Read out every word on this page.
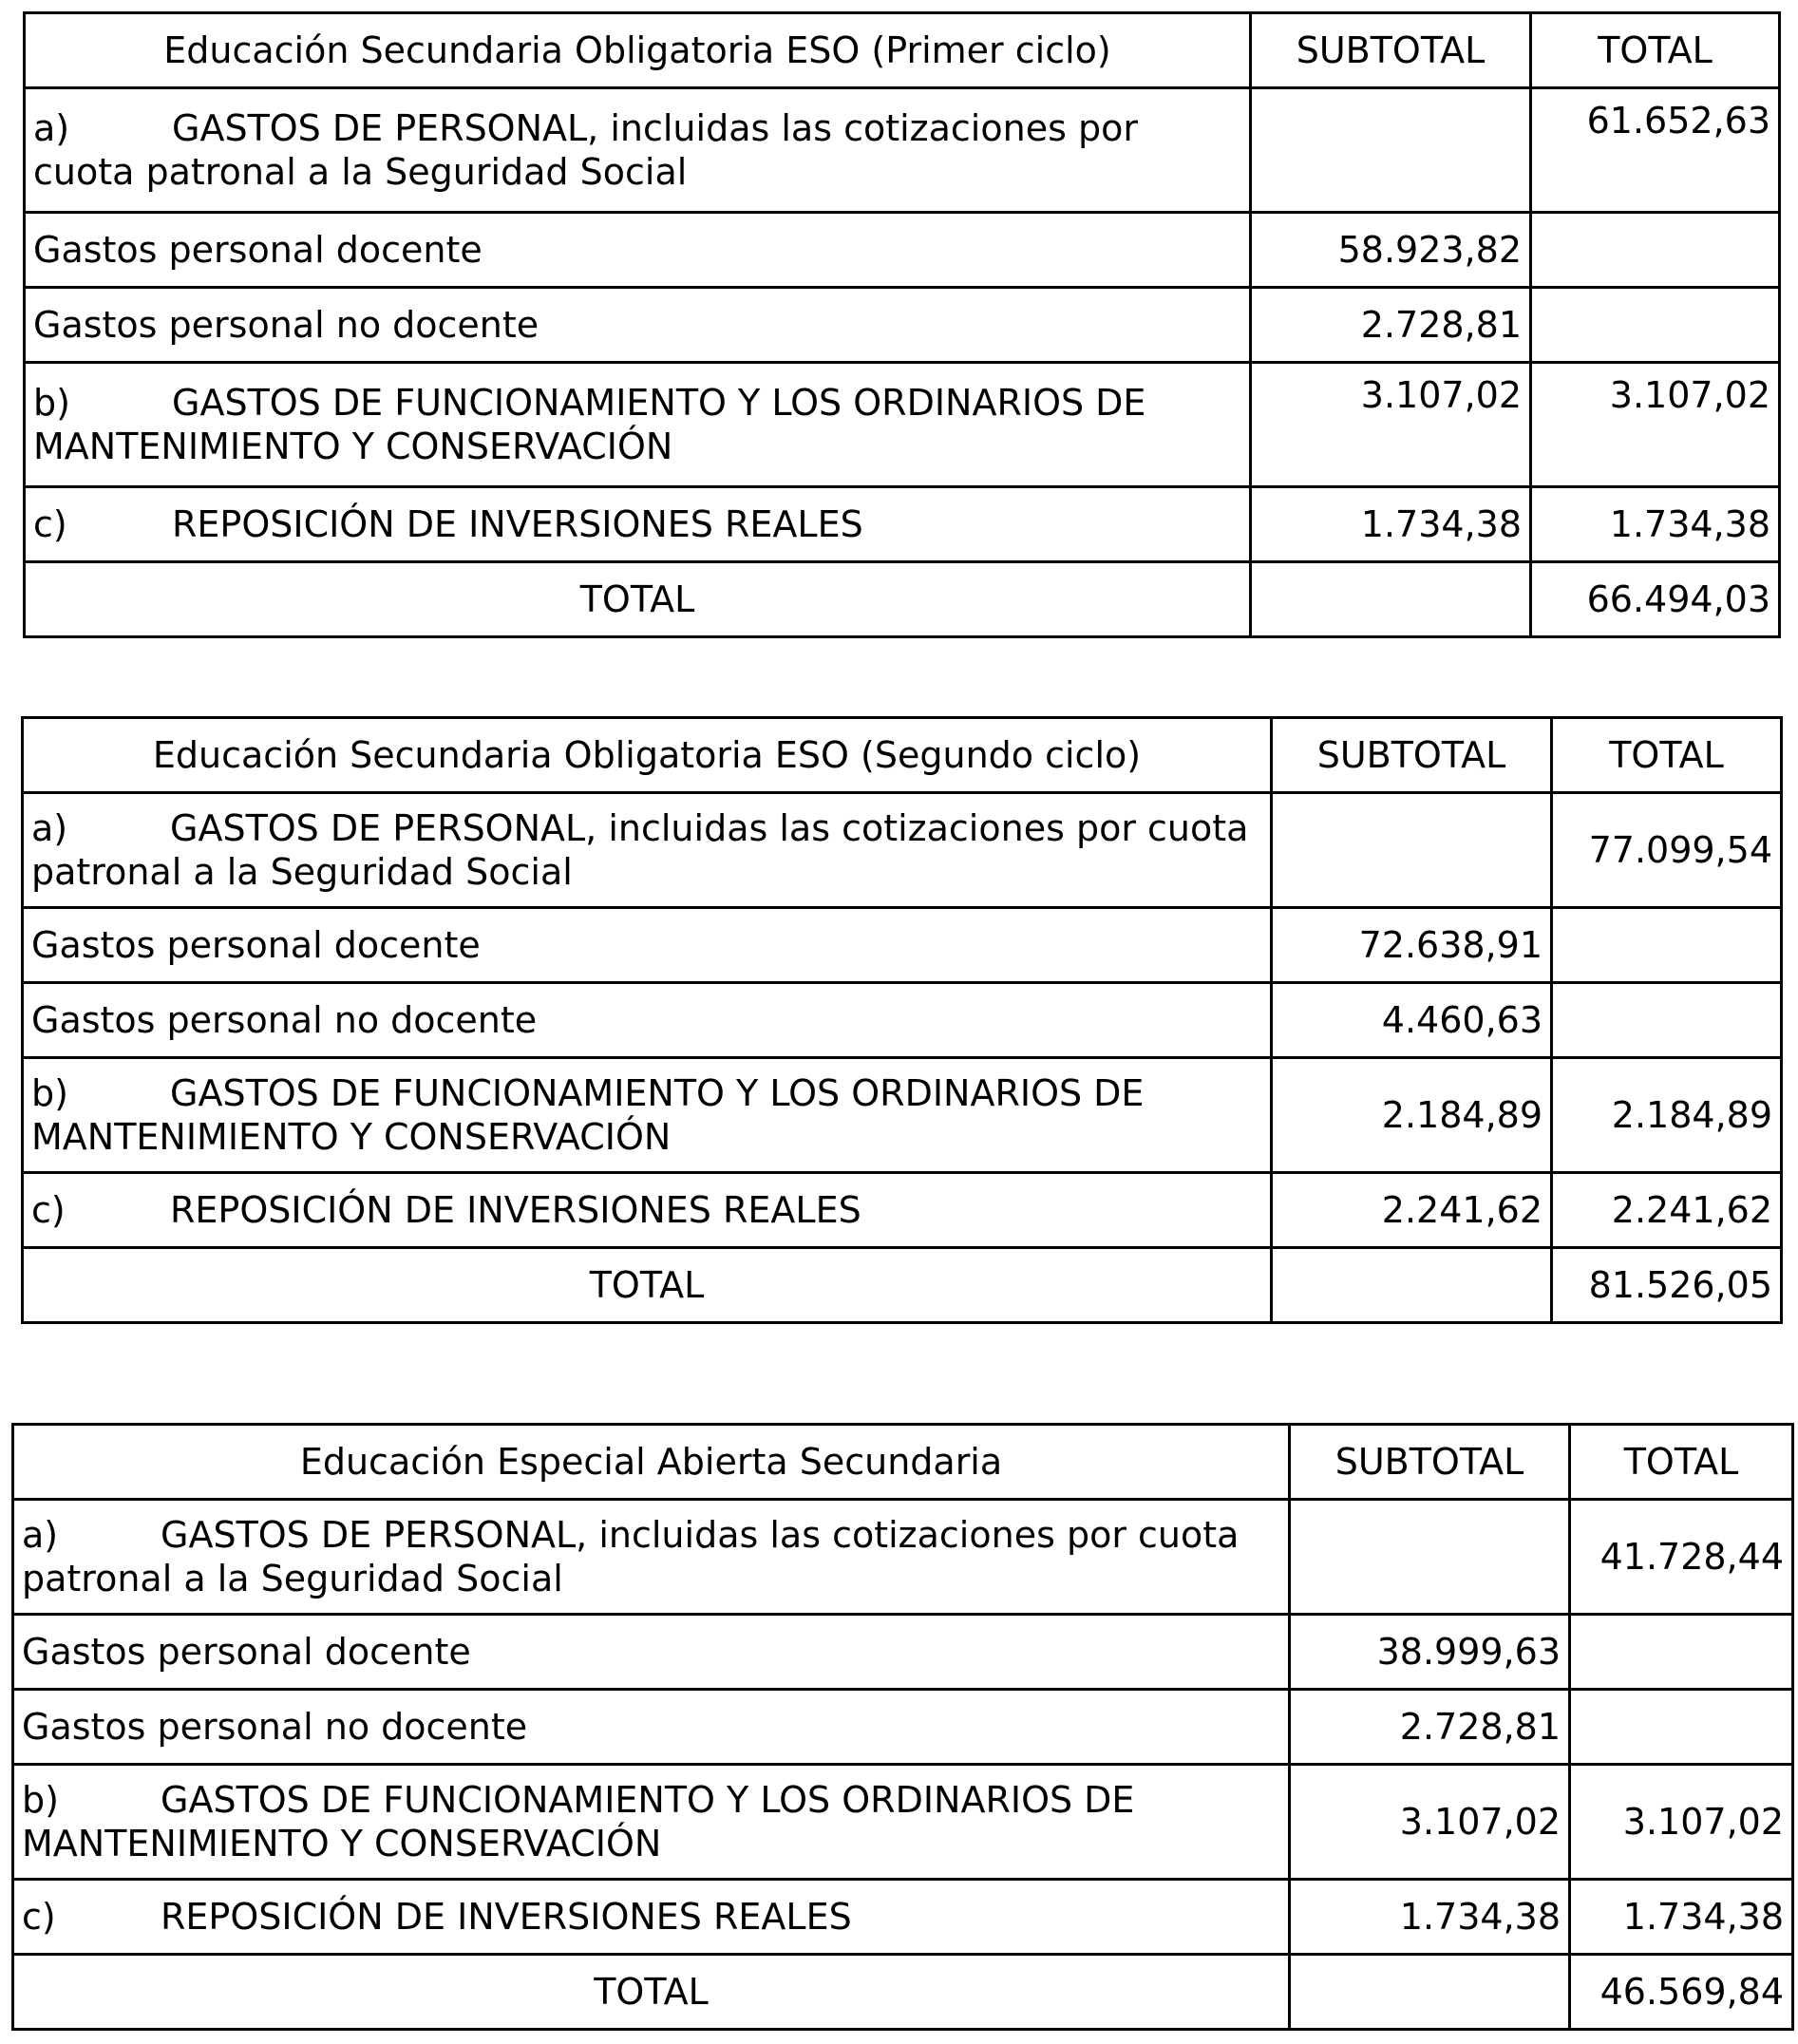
Educación Secundaria Obligatoria ESO (Primer ciclo)	SUBTOTAL	TOTAL
a) GASTOS DE PERSONAL, incluidas las cotizaciones por
cuota patronal a la Seguridad Social		61.652,63
Gastos personal docente	58.923,82	
Gastos personal no docente	2.728,81	
b) GASTOS DE FUNCIONAMIENTO Y LOS ORDINARIOS DE
MANTENIMIENTO Y CONSERVACIÓN	3.107,02	3.107,02
c) REPOSICIÓN DE INVERSIONES REALES	1.734,38	1.734,38
TOTAL		66.494,03
Educación Secundaria Obligatoria ESO (Segundo ciclo)	SUBTOTAL	TOTAL
a) GASTOS DE PERSONAL, incluidas las cotizaciones por cuota
patronal a la Seguridad Social		77.099,54
Gastos personal docente	72.638,91	
Gastos personal no docente	4.460,63	
b) GASTOS DE FUNCIONAMIENTO Y LOS ORDINARIOS DE
MANTENIMIENTO Y CONSERVACIÓN	2.184,89	2.184,89
c) REPOSICIÓN DE INVERSIONES REALES	2.241,62	2.241,62
TOTAL		81.526,05
Educación Especial Abierta Secundaria	SUBTOTAL	TOTAL
a) GASTOS DE PERSONAL, incluidas las cotizaciones por cuota
patronal a la Seguridad Social		41.728,44
Gastos personal docente	38.999,63	
Gastos personal no docente	2.728,81	
b) GASTOS DE FUNCIONAMIENTO Y LOS ORDINARIOS DE
MANTENIMIENTO Y CONSERVACIÓN	3.107,02	3.107,02
c) REPOSICIÓN DE INVERSIONES REALES	1.734,38	1.734,38
TOTAL		46.569,84
